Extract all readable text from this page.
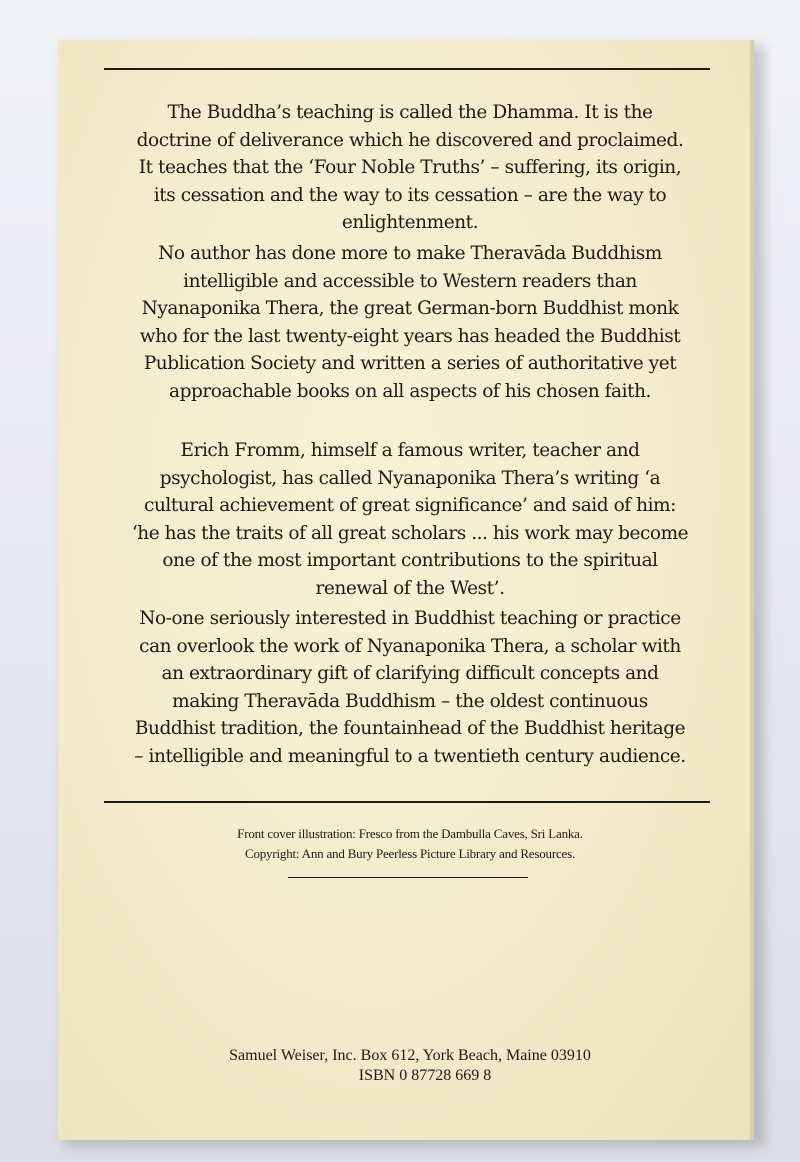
The Buddha’s teaching is called the Dhamma. It is the
doctrine of deliverance which he discovered and proclaimed.
It teaches that the ‘Four Noble Truths’ – suffering, its origin,
its cessation and the way to its cessation – are the way to
enlightenment.

No author has done more to make Theravāda Buddhism
intelligible and accessible to Western readers than
Nyanaponika Thera, the great German-born Buddhist monk
who for the last twenty-eight years has headed the Buddhist
Publication Society and written a series of authoritative yet
approachable books on all aspects of his chosen faith.

Erich Fromm, himself a famous writer, teacher and
psychologist, has called Nyanaponika Thera’s writing ‘a
cultural achievement of great significance’ and said of him:
‘he has the traits of all great scholars ... his work may become
one of the most important contributions to the spiritual
renewal of the West’.

No-one seriously interested in Buddhist teaching or practice
can overlook the work of Nyanaponika Thera, a scholar with
an extraordinary gift of clarifying difficult concepts and
making Theravāda Buddhism – the oldest continuous
Buddhist tradition, the fountainhead of the Buddhist heritage
– intelligible and meaningful to a twentieth century audience.

Front cover illustration: Fresco from the Dambulla Caves, Sri Lanka.
Copyright: Ann and Bury Peerless Picture Library and Resources.
Samuel Weiser, Inc. Box 612, York Beach, Maine 03910
ISBN 0 87728 669 8
